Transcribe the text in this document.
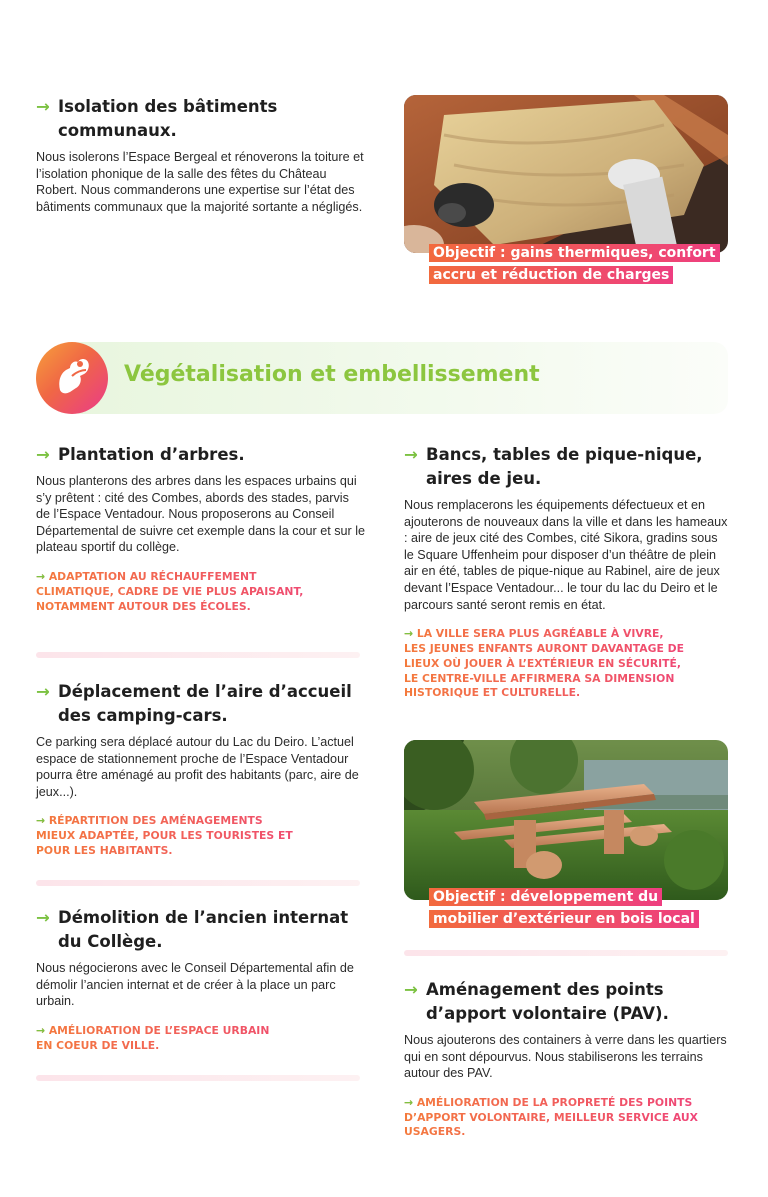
→ Isolation des bâtiments
communaux.

Nous isolerons l’Espace Bergeal et rénoverons la toiture et l’isolation phonique de la salle des fêtes du Château Robert. Nous commanderons une expertise sur l’état des bâtiments communaux que la majorité sortante a négligés.

Objectif : gains thermiques, confort
accru et réduction de charges
Végétalisation et embellissement
→ Plantation d’arbres.

Nous planterons des arbres dans les espaces urbains qui s’y prêtent : cité des Combes, abords des stades, parvis de l’Espace Ventadour. Nous proposerons au Conseil Départemental de suivre cet exemple dans la cour et sur le plateau sportif du collège.

→ ADAPTATION AU RÉCHAUFFEMENT
CLIMATIQUE, CADRE DE VIE PLUS APAISANT,
NOTAMMENT AUTOUR DES ÉCOLES.

→ Déplacement de l’aire d’accueil
des camping-cars.

Ce parking sera déplacé autour du Lac du Deiro. L’actuel espace de stationnement proche de l’Espace Ventadour pourra être aménagé au profit des habitants (parc, aire de jeux...).

→ RÉPARTITION DES AMÉNAGEMENTS
MIEUX ADAPTÉE, POUR LES TOURISTES ET
POUR LES HABITANTS.

→ Démolition de l’ancien internat
du Collège.

Nous négocierons avec le Conseil Départemental afin de démolir l’ancien internat et de créer à la place un parc urbain.

→ AMÉLIORATION DE L’ESPACE URBAIN
EN COEUR DE VILLE.

→ Bancs, tables de pique-nique,
aires de jeu.

Nous remplacerons les équipements défectueux et en ajouterons de nouveaux dans la ville et dans les hameaux : aire de jeux cité des Combes, cité Sikora, gradins sous le Square Uffenheim pour disposer d’un théâtre de plein air en été, tables de pique-nique au Rabinel, aire de jeux devant l’Espace Ventadour... le tour du lac du Deiro et le parcours santé seront remis en état.

→ LA VILLE SERA PLUS AGRÉABLE À VIVRE,
LES JEUNES ENFANTS AURONT DAVANTAGE DE
LIEUX OÙ JOUER À L’EXTÉRIEUR EN SÉCURITÉ,
LE CENTRE-VILLE AFFIRMERA SA DIMENSION
HISTORIQUE ET CULTURELLE.

Objectif : développement du
mobilier d’extérieur en bois local
→ Aménagement des points
d’apport volontaire (PAV).

Nous ajouterons des containers à verre dans les quartiers qui en sont dépourvus. Nous stabiliserons les terrains autour des PAV.

→ AMÉLIORATION DE LA PROPRETÉ DES POINTS
D’APPORT VOLONTAIRE, MEILLEUR SERVICE AUX
USAGERS.
